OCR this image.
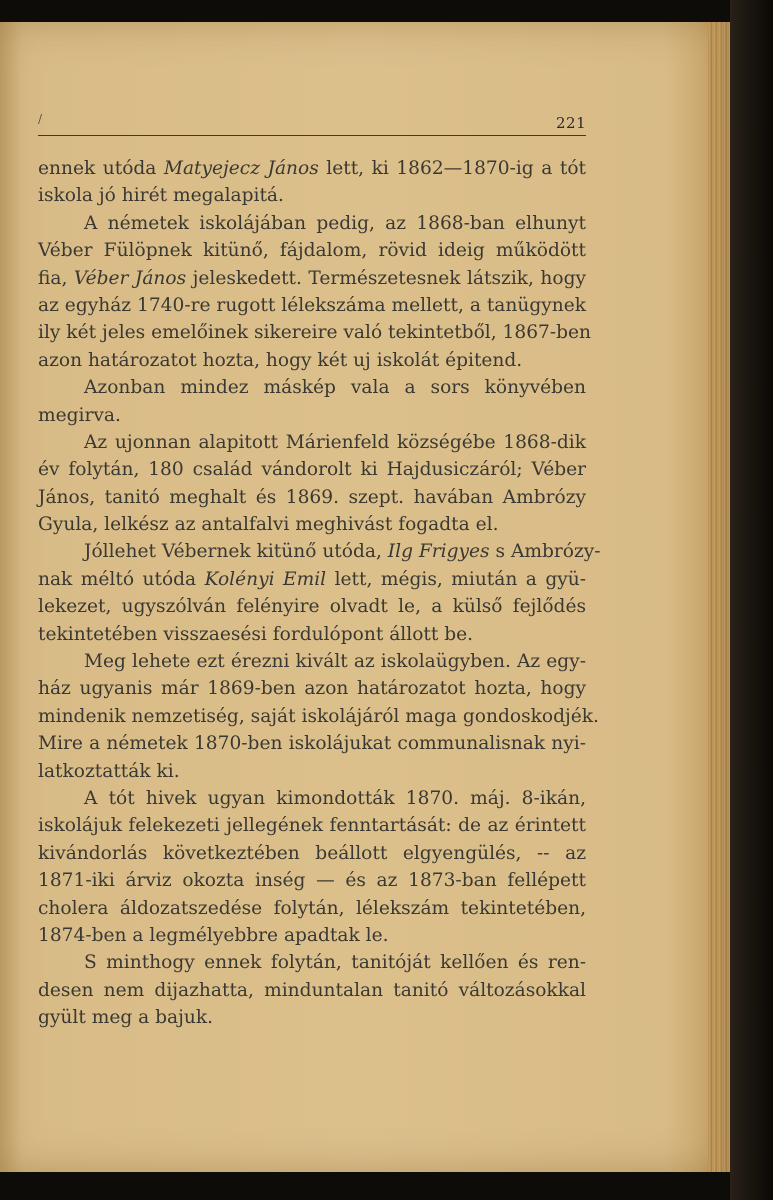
/	221
ennek utóda Matyejecz János lett, ki 1862—1870-ig a tót
iskola jó hirét megalapitá.
A németek iskolájában pedig, az 1868-ban elhunyt
Véber Fülöpnek kitünő, fájdalom, rövid ideig működött
fia, Véber János jeleskedett. Természetesnek látszik, hogy
az egyház 1740-re rugott lélekszáma mellett, a tanügynek
ily két jeles emelőinek sikereire való tekintetből, 1867-ben
azon határozatot hozta, hogy két uj iskolát épitend.
Azonban mindez máskép vala a sors könyvében
megirva.
Az ujonnan alapitott Márienfeld községébe 1868-dik
év folytán, 180 család vándorolt ki Hajdusiczáról; Véber
János, tanitó meghalt és 1869. szept. havában Ambrózy
Gyula, lelkész az antalfalvi meghivást fogadta el.
Jóllehet Vébernek kitünő utóda, Ilg Frigyes s Ambrózy-
nak méltó utóda Kolényi Emil lett, mégis, miután a gyü-
lekezet, ugyszólván felényire olvadt le, a külső fejlődés
tekintetében visszaesési fordulópont állott be.
Meg lehete ezt érezni kivált az iskolaügyben. Az egy-
ház ugyanis már 1869-ben azon határozatot hozta, hogy
mindenik nemzetiség, saját iskolájáról maga gondoskodjék.
Mire a németek 1870-ben iskolájukat communalisnak nyi-
latkoztatták ki.
A tót hivek ugyan kimondották 1870. máj. 8-ikán,
iskolájuk felekezeti jellegének fenntartását: de az érintett
kivándorlás következtében beállott elgyengülés, -- az
1871-iki árviz okozta inség — és az 1873-ban fellépett
cholera áldozatszedése folytán, lélekszám tekintetében,
1874-ben a legmélyebbre apadtak le.
S minthogy ennek folytán, tanitóját kellően és ren-
desen nem dijazhatta, minduntalan tanitó változásokkal
gyült meg a bajuk.
